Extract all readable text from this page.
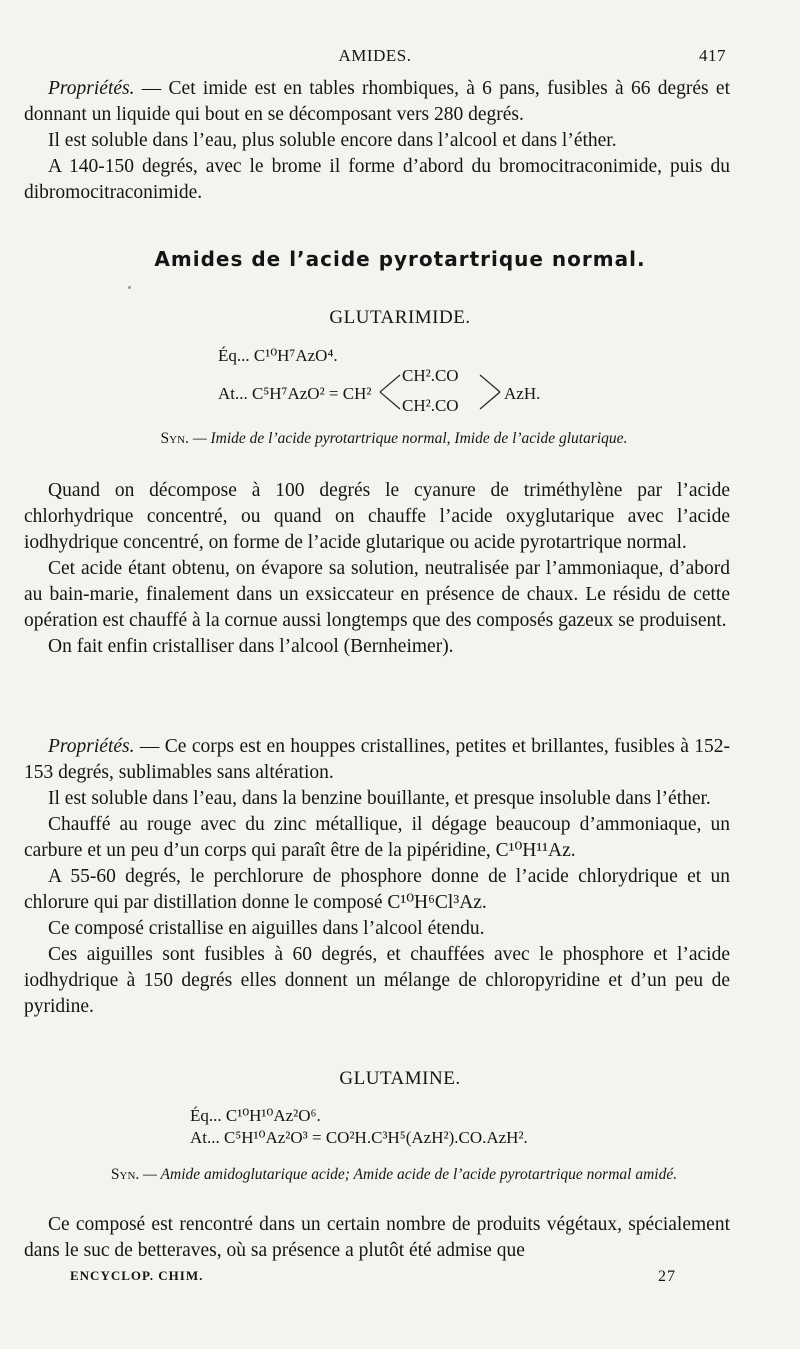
AMIDES.	417

Propriétés. — Cet imide est en tables rhombiques, à 6 pans, fusibles à 66 degrés et donnant un liquide qui bout en se décomposant vers 280 degrés.

Il est soluble dans l’eau, plus soluble encore dans l’alcool et dans l’éther.

A 140-150 degrés, avec le brome il forme d’abord du bromocitraconimide, puis du dibromocitraconimide.

Amides de l’acide pyrotartrique normal.
GLUTARIMIDE.
Éq... C¹⁰H⁷AzO⁴.
At... C⁵H⁷AzO² = CH²
CH².CO
CH².CO
AzH.
Syn. — Imide de l’acide pyrotartrique normal, Imide de l’acide glutarique.

Quand on décompose à 100 degrés le cyanure de triméthylène par l’acide chlorhydrique concentré, ou quand on chauffe l’acide oxyglutarique avec l’acide iodhydrique concentré, on forme de l’acide glutarique ou acide pyrotartrique normal.

Cet acide étant obtenu, on évapore sa solution, neutralisée par l’ammoniaque, d’abord au bain-marie, finalement dans un exsiccateur en présence de chaux. Le résidu de cette opération est chauffé à la cornue aussi longtemps que des composés gazeux se produisent.

On fait enfin cristalliser dans l’alcool (Bernheimer).

Propriétés. — Ce corps est en houppes cristallines, petites et brillantes, fusibles à 152-153 degrés, sublimables sans altération.

Il est soluble dans l’eau, dans la benzine bouillante, et presque insoluble dans l’éther.

Chauffé au rouge avec du zinc métallique, il dégage beaucoup d’ammoniaque, un carbure et un peu d’un corps qui paraît être de la pipéridine, C¹⁰H¹¹Az.

A 55-60 degrés, le perchlorure de phosphore donne de l’acide chlorydrique et un chlorure qui par distillation donne le composé C¹⁰H⁶Cl³Az.

Ce composé cristallise en aiguilles dans l’alcool étendu.

Ces aiguilles sont fusibles à 60 degrés, et chauffées avec le phosphore et l’acide iodhydrique à 150 degrés elles donnent un mélange de chloropyridine et d’un peu de pyridine.

GLUTAMINE.
Éq... C¹⁰H¹⁰Az²O⁶.
At... C⁵H¹⁰Az²O³ = CO²H.C³H⁵(AzH²).CO.AzH².
Syn. — Amide amidoglutarique acide; Amide acide de l’acide pyrotartrique normal amidé.

Ce composé est rencontré dans un certain nombre de produits végétaux, spécialement dans le suc de betteraves, où sa présence a plutôt été admise que

ENCYCLOP. CHIM.	27
